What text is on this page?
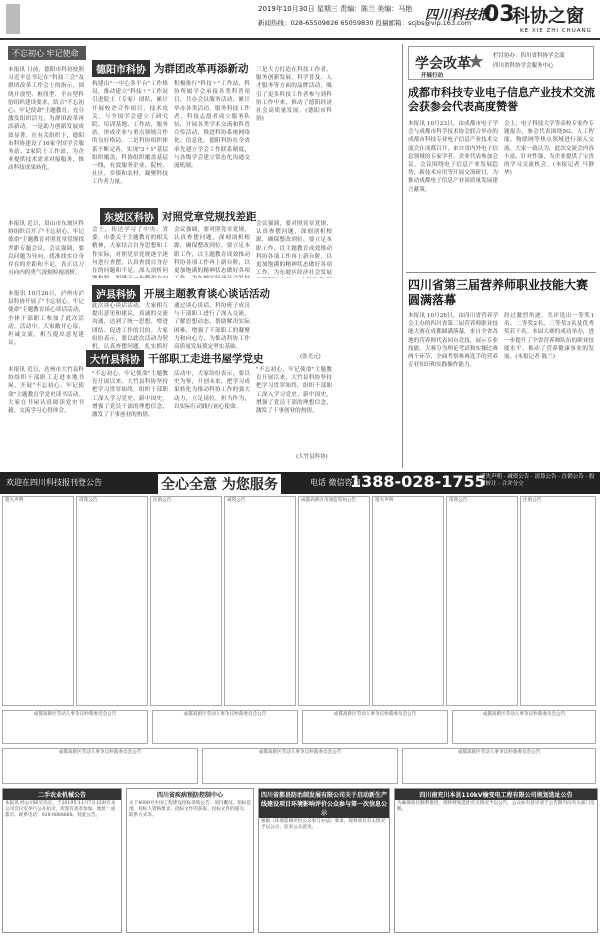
2019年10月30日 星期三 责编：陈兰 美编：马艳
新闻热线：028-65509826 65059830 投稿邮箱：scjbs@vip.163.com
四川科技报
03
科协之窗
KE XIE ZHI CHUANG
不忘初心 牢记使命
德阳市科协 为群团改革再添新动
本报讯 日前，德阳市科协按照习近平总书记在"科技三会"及群团改革工作会上的指示，围绕开放型、枢纽型、平台型科协组织建设要求，结合"不忘初心、牢记使命"主题教育，充分激发组织活力，为群团改革再添新动。一是助力创新发展成效显著。在有关组织下，德阳市科协建设了16家全国学会服务站、2家院士工作站，为企业提供技术需求对接服务，推动科技成果转化。
构建出"一中心多平台"工作格局，推动建立"科技＋"工作站引进院士（专家）团队，累计开展校企合作项目，技术攻关，与全国学会建立了研究院、培训基地、工作站，服务站，形成企业与重点领域合作的良好格局。二是科协组织体系不断完善，实现"3＋1"基层组织覆盖，科协组织覆盖基层一线，有效服务企业、院校、社区、乡镇和农村，凝聚科技工作者力量。
积极推行"科技＋"工作站，科协所属学会承接各类科普项目，共办会员服务活动，累计举办各类活动，服务科技工作者，科技志愿者成立服务队伍，开展各类学术交流和科普宣传活动，推进科协系统网络化、信息化。德阳科协在全省率先建立学会工作联系制度，与各级学会建立常态化沟通交流机制。
三是大力打造在科技工作者、服务创新发展、科学普及、人才服务等方面的品牌活动，吸引了更多科技工作者参与到科协工作中来，推动了德阳经济社会高质量发展。(德阳市科协)
东坡区科协 对照党章党规找差距
本报讯 近日，眉山市东坡区科协组织召开了"不忘初心、牢记使命"主题教育对照党章党规找差距专题会议。会议强调，要以问题为导向，找准找实自身存在的差距和不足，真正以刀刃向内的勇气深刻检视剖析。
会上，传达学习了中央、省委、市委关于主题教育的相关精神，大家结合自身思想和工作实际，对照党章党规逐字逐句进行查摆，认真查找自身存在的问题和不足，深入剖析问
会议强调，要对照党章党规，认真查摆问题，深刻剖析根源，确保整改到位。要立足本职工作，以主题教育成效推动科协各项工作再上新台阶，以更加饱满的精神状态做好各项
会议强调，要对照党章党规，认真查摆问题，深刻剖析根源，确保整改到位。要立足本职工作，以主题教育成效推动科协各项工作再上新台阶，以更加饱满的精神状态做好各项工作，为东坡区经济社会发展
泸县科协 开展主题教育谈心谈话活动
本报讯 10月26日，泸州市泸县科协开展了"不忘初心、牢记使命"主题教育谈心谈话活动，全体干部职工参加了此次活动。活动中，大家敞开心扉，坦诚交流，相互提出意见建议。
此次谈心谈话活动，大家相互提出意见和建议，真诚的交流沟通，达到了统一思想、增进团结、促进工作的目的。大家纷纷表示，要以此次活动为契机，认真查摆问题，扎实抓好
通过谈心谈话，科协班子成员与干部职工进行了深入交流，了解思想动态，帮助解决实际困难，增强了干部职工的凝聚力和向心力，为推动科协工作高质量发展奠定坚实基础。
(张光元)
大竹县科协 干部职工走进书屋学党史
本报讯 近日，达州市大竹县科协组织干部职工走进本地书屋，开展"不忘初心、牢记使命"主题教育学党史读书活动。大家在书屋认真阅读党史书籍，交流学习心得体会。
"不忘初心、牢记使命"主题教育开展以来，大竹县科协坚持把学习贯穿始终，组织干部职工深入学习党史、新中国史，增强了党员干部的理想信念，激发了干事创业的热情。
活动中，大家纷纷表示，要以史为鉴，开创未来，把学习成果转化为推动科协工作的强大动力，立足岗位，担当作为，以实际行动践行初心使命。
"不忘初心、牢记使命"主题教育开展以来，大竹县科协坚持把学习贯穿始终，组织干部职工深入学习党史、新中国史，增强了党员干部的理想信念，激发了干事创业的热情。
(大竹县科协)
学会改革
★ 栏目协办：四川省科协学会部
四川省科协学会服务中心
开展行动
成都市科技专业电子信息产业技术交流会获参会代表高度赞誉
本报讯 10月23日，由成都市电子学会与成都市科学技术协会联合举办的成都市科技专业电子信息产业技术交流会在成都召开，来自省内外电子信息领域的专家学者、企业代表参加会议。会议围绕电子信息产业发展趋势，新技术应用等开展交流研讨，为推动成都电子信息产业高质量发展建言献策。
会上，电子科技大学等高校专家作专题报告，参会代表围绕5G、人工智能、物联网等热点领域进行深入交流。大家一致认为，此次交流会内容丰富、针对性强，为企业提供了宝贵的学习交流机会。(本报记者 马静华)
四川省第三届营养师职业技能大赛圆满落幕
本报讯 10月26日，由四川省营养学会主办的四川省第三届营养师职业技能大赛在成都圆满落幕。来自全省各地的营养师代表同台竞技，展示专业技能。大赛分为理论考试和实操比赛两个环节，全面考察参赛选手的营养专业知识和实践操作能力。
经过激烈角逐，共评选出一等奖1名、二等奖2名、三等奖3名及优秀奖若干名。本届大赛的成功举办，进一步提升了全省营养师队伍的职业技能水平，推动了营养健康事业的发展。(本报记者 陈兰)
欢迎在四川科技报刊登公告	全心全意 为您服务	电话 微信咨询
1388-028-1755
遗失声明 · 减资公告 · 清算公告 · 注销公告 · 股权转让 · 合并分立
遗失声明	清算公告	注销公告	减资公告	成都高新区市场监管局公告	遗失声明	清算公告	注销公告
成都高新区劳动人事争议仲裁委员会公告	成都高新区劳动人事争议仲裁委员会公告	成都高新区劳动人事争议仲裁委员会公告	成都高新区劳动人事争议仲裁委员会公告
成都高新区劳动人事争议仲裁委员会公告	成都高新区劳动人事争议仲裁委员会公告	成都高新区劳动人事争议仲裁委员会公告
二手农业机械公告
本报讯 经公司研究决定，于2019年11月7日15时在本公司会议室举行公开拍卖，欢迎有意者参加。地址：成都市。联系电话：028-8888888。特此公告。
四川省疾病预防控制中心
关于4000号中国工程建设招标采购公告：项目概况、招标范围、投标人资格要求、招标文件的获取、投标文件的递交、联系方式等。
四川省都县防治制发展有限公司关于启动新生产线建设项目环境影响评价公众参与第一次信息公示
根据《环境影响评价公众参与办法》要求，现将项目有关情况予以公示，征求公众意见。
四川南充川本县110kV输变电工程有限公司规划选址公告
为确保项目顺利推进，现将规划选址有关情况予以公告，公众如有意见请于公告期内向有关部门反映。
